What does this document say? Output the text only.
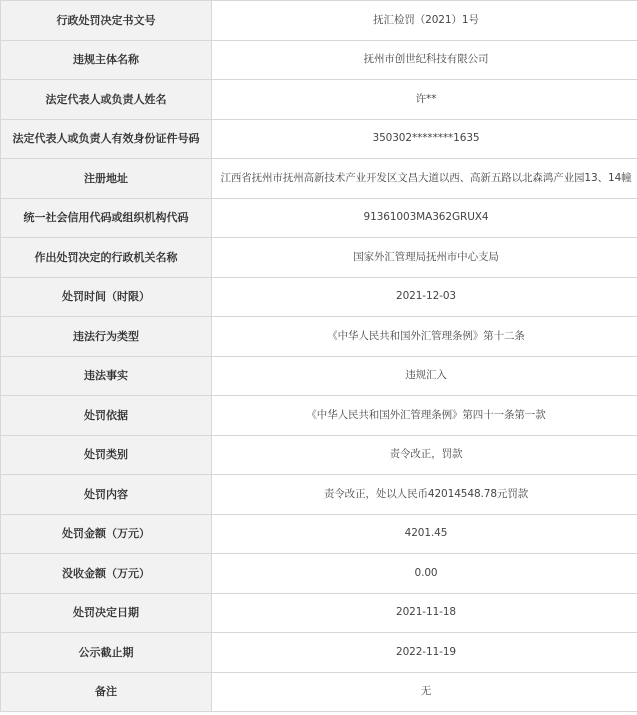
行政处罚决定书文号	抚汇检罚（2021）1号
违规主体名称	抚州市创世纪科技有限公司
法定代表人或负责人姓名	许**
法定代表人或负责人有效身份证件号码	350302********1635
注册地址	江西省抚州市抚州高新技术产业开发区文昌大道以西、高新五路以北森鸿产业园13、14幢
统一社会信用代码或组织机构代码	91361003MA362GRUX4
作出处罚决定的行政机关名称	国家外汇管理局抚州市中心支局
处罚时间（时限）	2021-12-03
违法行为类型	《中华人民共和国外汇管理条例》第十二条
违法事实	违规汇入
处罚依据	《中华人民共和国外汇管理条例》第四十一条第一款
处罚类别	责令改正，罚款
处罚内容	责令改正，处以人民币42014548.78元罚款
处罚金额（万元）	4201.45
没收金额（万元）	0.00
处罚决定日期	2021-11-18
公示截止期	2022-11-19
备注	无
